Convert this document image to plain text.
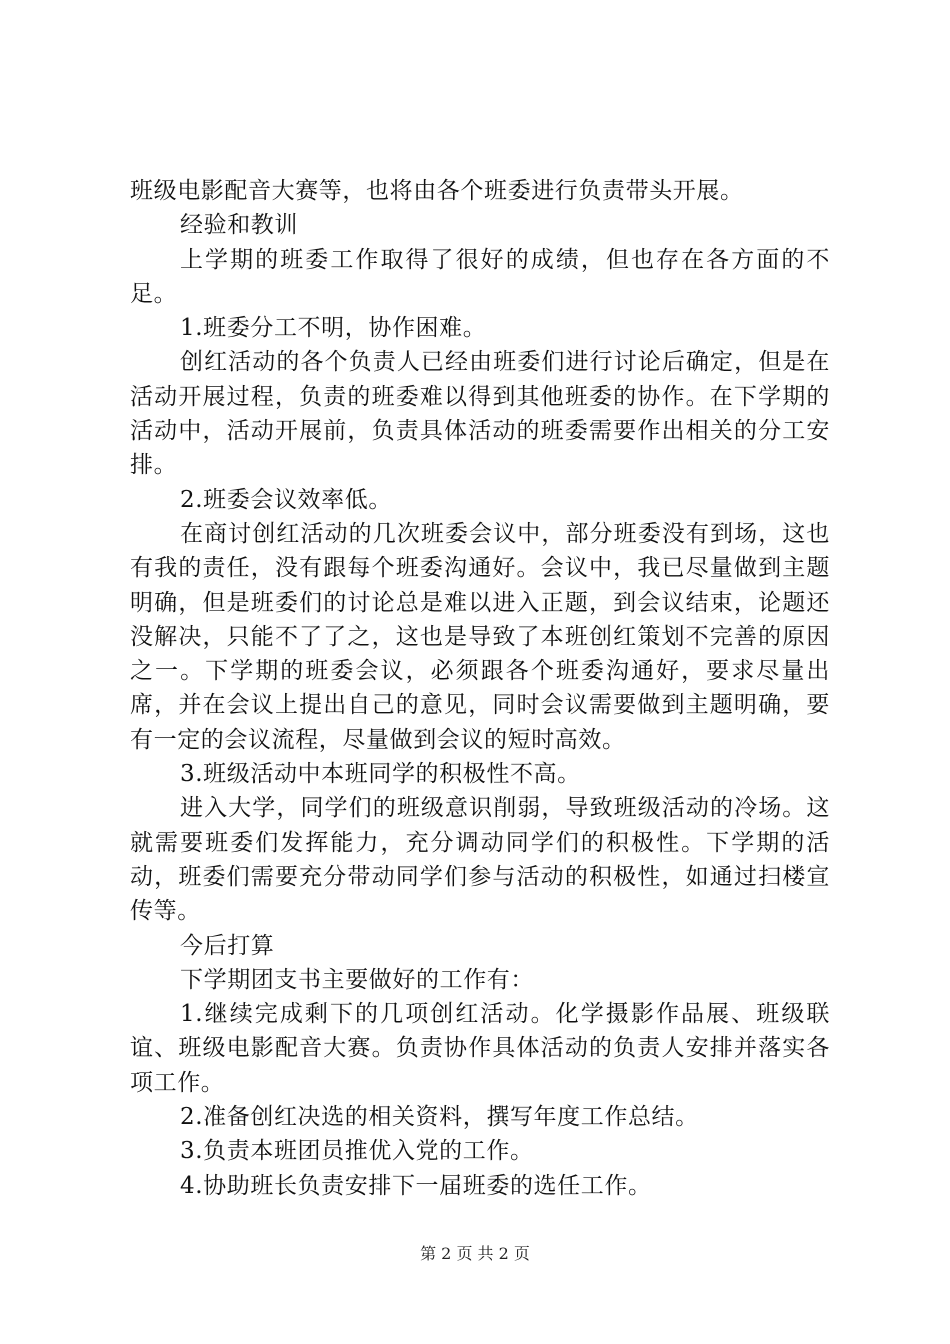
班级电影配音大赛等，也将由各个班委进行负责带头开展。

经验和教训

上学期的班委工作取得了很好的成绩，但也存在各方面的不足。

1.班委分工不明，协作困难。

创红活动的各个负责人已经由班委们进行讨论后确定，但是在活动开展过程，负责的班委难以得到其他班委的协作。在下学期的活动中，活动开展前，负责具体活动的班委需要作出相关的分工安排。

2.班委会议效率低。

在商讨创红活动的几次班委会议中，部分班委没有到场，这也有我的责任，没有跟每个班委沟通好。会议中，我已尽量做到主题明确，但是班委们的讨论总是难以进入正题，到会议结束，论题还没解决，只能不了了之，这也是导致了本班创红策划不完善的原因之一。下学期的班委会议，必须跟各个班委沟通好，要求尽量出席，并在会议上提出自己的意见，同时会议需要做到主题明确，要有一定的会议流程，尽量做到会议的短时高效。

3.班级活动中本班同学的积极性不高。

进入大学，同学们的班级意识削弱，导致班级活动的冷场。这就需要班委们发挥能力，充分调动同学们的积极性。下学期的活动，班委们需要充分带动同学们参与活动的积极性，如通过扫楼宣传等。

今后打算

下学期团支书主要做好的工作有：

1.继续完成剩下的几项创红活动。化学摄影作品展、班级联谊、班级电影配音大赛。负责协作具体活动的负责人安排并落实各项工作。

2.准备创红决选的相关资料，撰写年度工作总结。

3.负责本班团员推优入党的工作。

4.协助班长负责安排下一届班委的选任工作。

第 2 页 共 2 页
